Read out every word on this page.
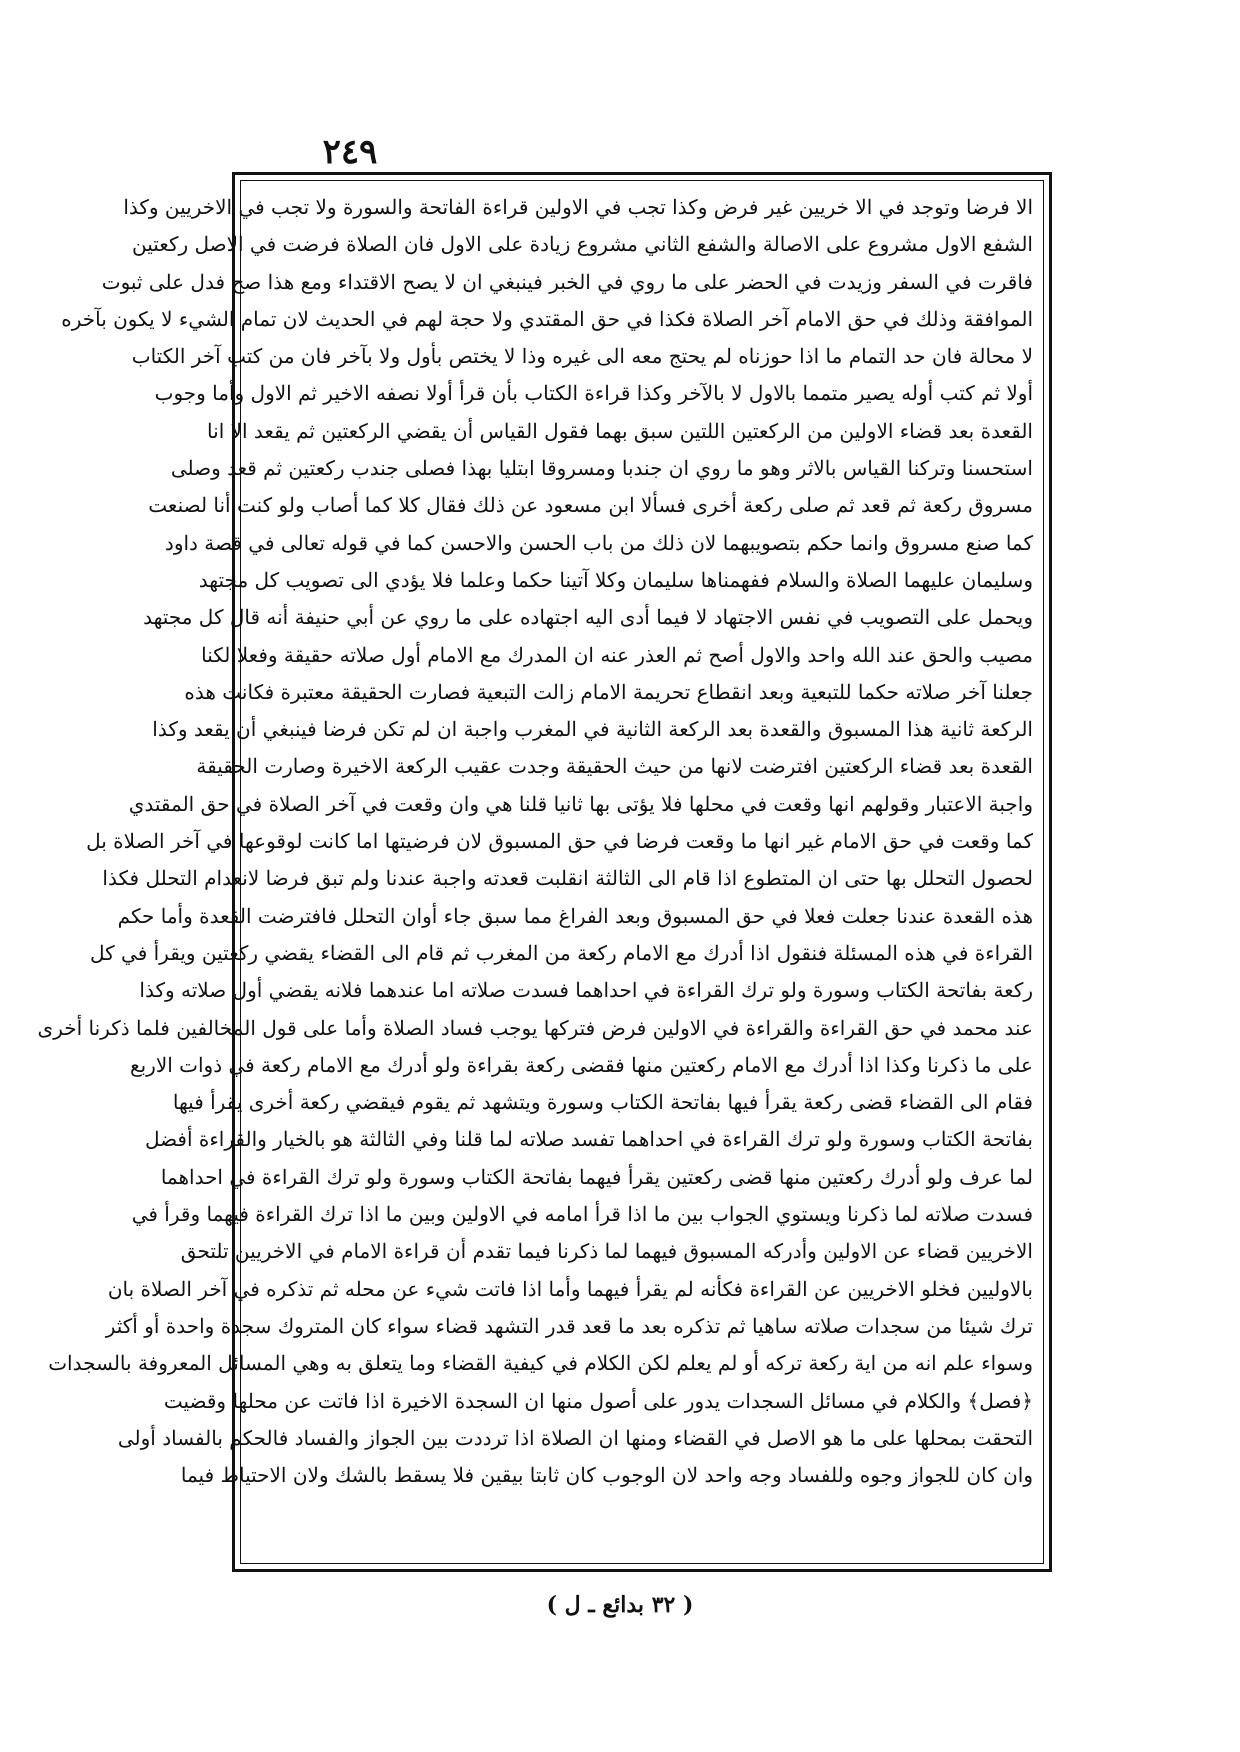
٢٤٩
الا فرضا وتوجد في الا خريين غير فرض وكذا تجب في الاولين قراءة الفاتحة والسورة ولا تجب في الاخريين وكذا
الشفع الاول مشروع على الاصالة والشفع الثاني مشروع زيادة على الاول فان الصلاة فرضت في الاصل ركعتين
فاقرت في السفر وزيدت في الحضر على ما روي في الخبر فينبغي ان لا يصح الاقتداء ومع هذا صح فدل على ثبوت
الموافقة وذلك في حق الامام آخر الصلاة فكذا في حق المقتدي ولا حجة لهم في الحديث لان تمام الشيء لا يكون بآخره
لا محالة فان حد التمام ما اذا حوزناه لم يحتج معه الى غيره وذا لا يختص بأول ولا بآخر فان من كتب آخر الكتاب
أولا ثم كتب أوله يصير متمما بالاول لا بالآخر وكذا قراءة الكتاب بأن قرأ أولا نصفه الاخير ثم الاول وأما وجوب
القعدة بعد قضاء الاولين من الركعتين اللتين سبق بهما فقول القياس أن يقضي الركعتين ثم يقعد الا انا
استحسنا وتركنا القياس بالاثر وهو ما روي ان جندبا ومسروقا ابتليا بهذا فصلى جندب ركعتين ثم قعد وصلى
مسروق ركعة ثم قعد ثم صلى ركعة أخرى فسألا ابن مسعود عن ذلك فقال كلا كما أصاب ولو كنت أنا لصنعت
كما صنع مسروق وانما حكم بتصويبهما لان ذلك من باب الحسن والاحسن كما في قوله تعالى في قصة داود
وسليمان عليهما الصلاة والسلام ففهمناها سليمان وكلا آتينا حكما وعلما فلا يؤدي الى تصويب كل مجتهد
ويحمل على التصويب في نفس الاجتهاد لا فيما أدى اليه اجتهاده على ما روي عن أبي حنيفة أنه قال كل مجتهد
مصيب والحق عند الله واحد والاول أصح ثم العذر عنه ان المدرك مع الامام أول صلاته حقيقة وفعلا لكنا
جعلنا آخر صلاته حكما للتبعية وبعد انقطاع تحريمة الامام زالت التبعية فصارت الحقيقة معتبرة فكانت هذه
الركعة ثانية هذا المسبوق والقعدة بعد الركعة الثانية في المغرب واجبة ان لم تكن فرضا فينبغي أن يقعد وكذا
القعدة بعد قضاء الركعتين افترضت لانها من حيث الحقيقة وجدت عقيب الركعة الاخيرة وصارت الحقيقة
واجبة الاعتبار وقولهم انها وقعت في محلها فلا يؤتى بها ثانيا قلنا هي وان وقعت في آخر الصلاة في حق المقتدي
كما وقعت في حق الامام غير انها ما وقعت فرضا في حق المسبوق لان فرضيتها اما كانت لوقوعها في آخر الصلاة بل
لحصول التحلل بها حتى ان المتطوع اذا قام الى الثالثة انقلبت قعدته واجبة عندنا ولم تبق فرضا لانعدام التحلل فكذا
هذه القعدة عندنا جعلت فعلا في حق المسبوق وبعد الفراغ مما سبق جاء أوان التحلل فافترضت القعدة وأما حكم
القراءة في هذه المسئلة فنقول اذا أدرك مع الامام ركعة من المغرب ثم قام الى القضاء يقضي ركعتين ويقرأ في كل
ركعة بفاتحة الكتاب وسورة ولو ترك القراءة في احداهما فسدت صلاته اما عندهما فلانه يقضي أول صلاته وكذا
عند محمد في حق القراءة والقراءة في الاولين فرض فتركها يوجب فساد الصلاة وأما على قول المخالفين فلما ذكرنا أخرى
على ما ذكرنا وكذا اذا أدرك مع الامام ركعتين منها فقضى ركعة بقراءة ولو أدرك مع الامام ركعة في ذوات الاربع
فقام الى القضاء قضى ركعة يقرأ فيها بفاتحة الكتاب وسورة ويتشهد ثم يقوم فيقضي ركعة أخرى يقرأ فيها
بفاتحة الكتاب وسورة ولو ترك القراءة في احداهما تفسد صلاته لما قلنا وفي الثالثة هو بالخيار والقراءة أفضل
لما عرف ولو أدرك ركعتين منها قضى ركعتين يقرأ فيهما بفاتحة الكتاب وسورة ولو ترك القراءة في احداهما
فسدت صلاته لما ذكرنا ويستوي الجواب بين ما اذا قرأ امامه في الاولين وبين ما اذا ترك القراءة فيهما وقرأ في
الاخريين قضاء عن الاولين وأدركه المسبوق فيهما لما ذكرنا فيما تقدم أن قراءة الامام في الاخريين تلتحق
بالاوليين فخلو الاخريين عن القراءة فكأنه لم يقرأ فيهما وأما اذا فاتت شيء عن محله ثم تذكره في آخر الصلاة بان
ترك شيئا من سجدات صلاته ساهيا ثم تذكره بعد ما قعد قدر التشهد قضاء سواء كان المتروك سجدة واحدة أو أكثر
وسواء علم انه من اية ركعة تركه أو لم يعلم لكن الكلام في كيفية القضاء وما يتعلق به وهي المسائل المعروفة بالسجدات
﴿فصل﴾ والكلام في مسائل السجدات يدور على أصول منها ان السجدة الاخيرة اذا فاتت عن محلها وقضيت
التحقت بمحلها على ما هو الاصل في القضاء ومنها ان الصلاة اذا ترددت بين الجواز والفساد فالحكم بالفساد أولى
وان كان للجواز وجوه وللفساد وجه واحد لان الوجوب كان ثابتا بيقين فلا يسقط بالشك ولان الاحتياط فيما
( ٣٢ بدائع ـ ل )
